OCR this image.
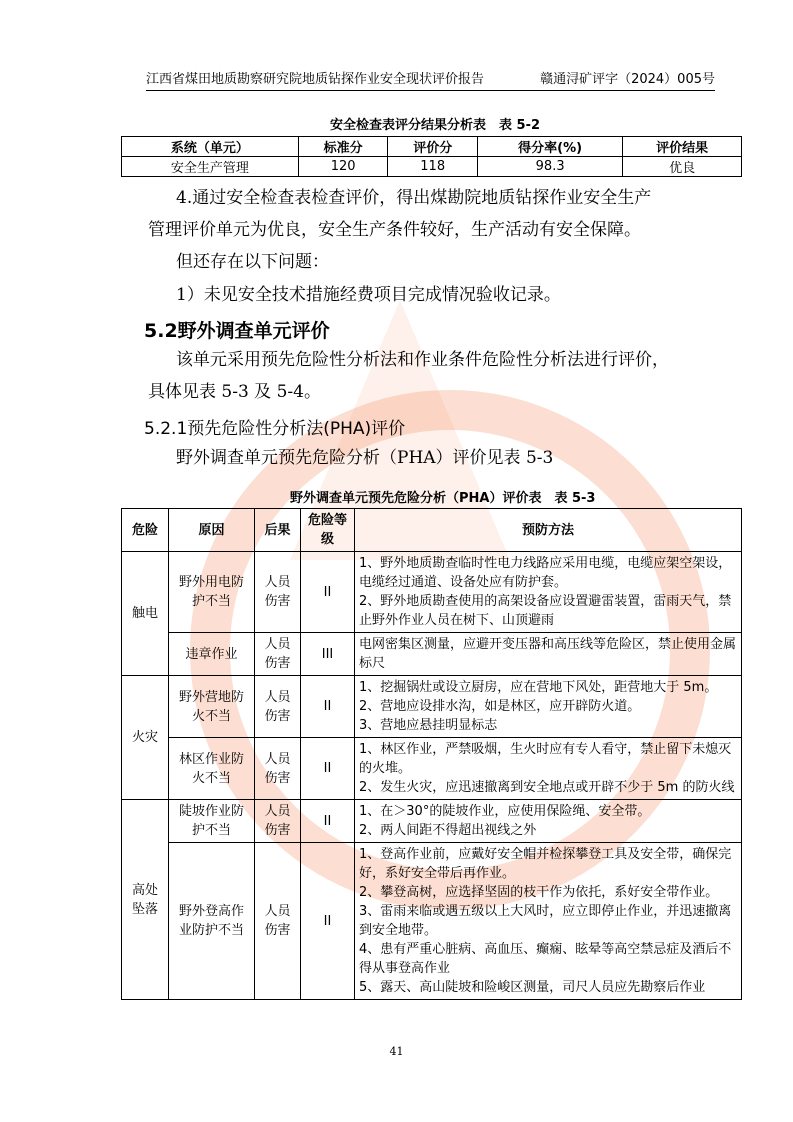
江西省煤田地质勘察研究院地质钻探作业安全现状评价报告	赣通浔矿评字（2024）005号
安全检查表评分结果分析表　表 5-2
系统（单元）	标准分	评价分	得分率(%)	评价结果
安全生产管理	120	118	98.3	优良
4.通过安全检查表检查评价，得出煤勘院地质钻探作业安全生产
管理评价单元为优良，安全生产条件较好，生产活动有安全保障。
但还存在以下问题：
1）未见安全技术措施经费项目完成情况验收记录。
5.2野外调查单元评价
该单元采用预先危险性分析法和作业条件危险性分析法进行评价，
具体见表 5-3 及 5-4。
5.2.1预先危险性分析法(PHA)评价
野外调查单元预先危险分析（PHA）评价见表 5-3
野外调查单元预先危险分析（PHA）评价表　表 5-3
危险	原因	后果	危险等级	预防方法
触电	野外用电防护不当	人员伤害	II	1、野外地质勘查临时性电力线路应采用电缆，电缆应架空架设，电缆经过通道、设备处应有防护套。
2、野外地质勘查使用的高架设备应设置避雷装置，雷雨天气，禁止野外作业人员在树下、山顶避雨

	违章作业	人员伤害	III	电网密集区测量，应避开变压器和高压线等危险区，禁止使用金属标尺

火灾	野外营地防火不当	人员伤害	II	1、挖掘锅灶或设立厨房，应在营地下风处，距营地大于 5m。
2、营地应设排水沟，如是林区，应开辟防火道。
3、营地应悬挂明显标志

	林区作业防火不当	人员伤害	II	1、林区作业，严禁吸烟，生火时应有专人看守，禁止留下未熄灭的火堆。
2、发生火灾，应迅速撤离到安全地点或开辟不少于 5m 的防火线

高处坠落	陡坡作业防护不当	人员伤害	II	1、在＞30°的陡坡作业，应使用保险绳、安全带。
2、两人间距不得超出视线之外

	野外登高作业防护不当	人员伤害	II	1、登高作业前，应戴好安全帽并检探攀登工具及安全带，确保完好，系好安全带后再作业。
2、攀登高树，应选择坚固的枝干作为依托，系好安全带作业。
3、雷雨来临或遇五级以上大风时，应立即停止作业，并迅速撤离到安全地带。
4、患有严重心脏病、高血压、癫痫、眩晕等高空禁忌症及酒后不得从事登高作业
5、露天、高山陡坡和险峻区测量，司尺人员应先勘察后作业
41
